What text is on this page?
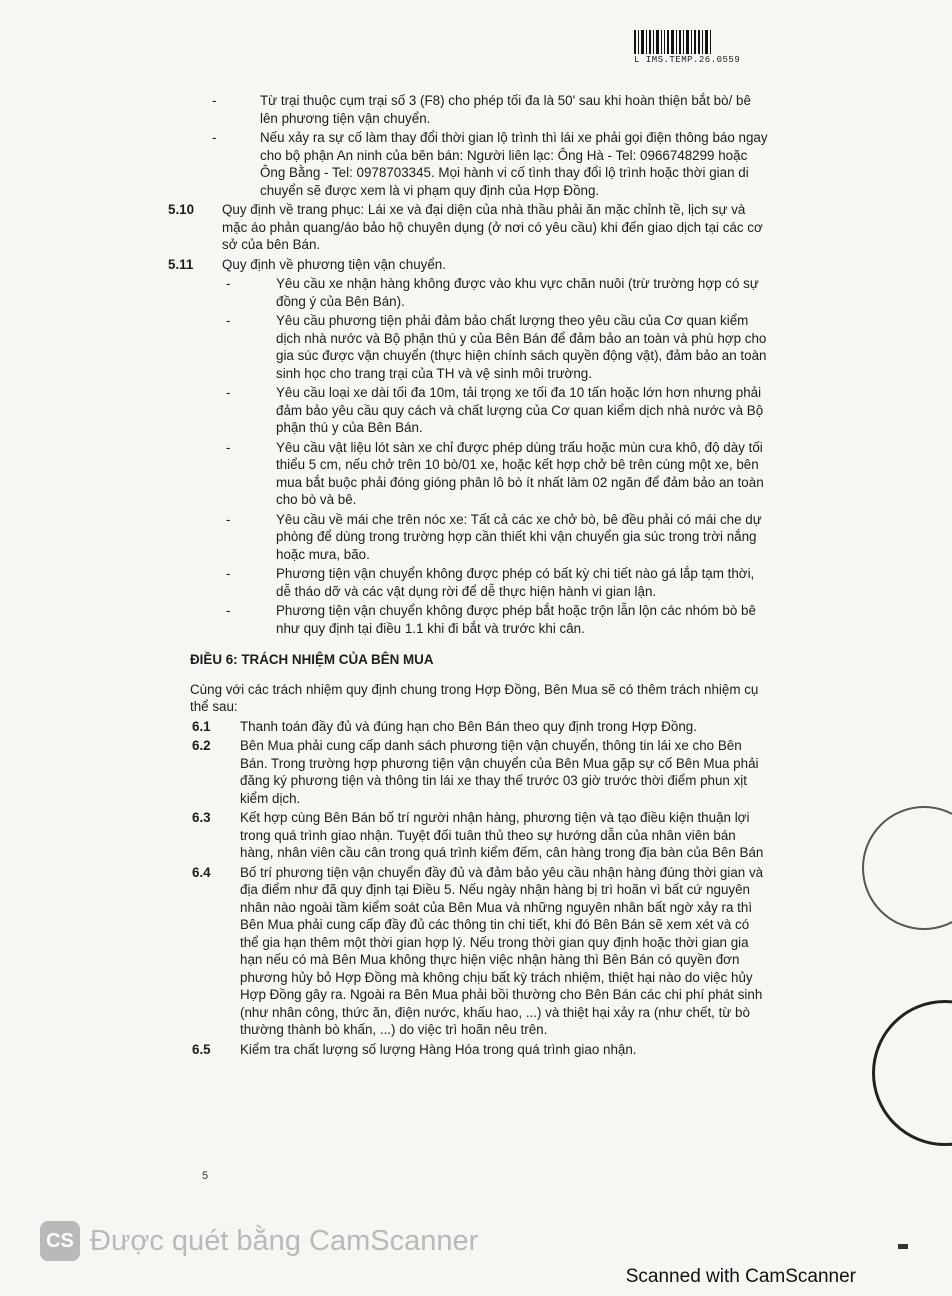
L IMS.TEMP.26.0559
-	Từ trại thuộc cụm trại số 3 (F8) cho phép tối đa là 50' sau khi hoàn thiện bắt bò/ bê lên phương tiện vận chuyển.
-	Nếu xảy ra sự cố làm thay đổi thời gian lộ trình thì lái xe phải gọi điện thông báo ngay cho bộ phận An ninh của bên bán: Người liên lạc: Ông Hà - Tel: 0966748299 hoặc Ông Bằng - Tel: 0978703345. Mọi hành vi cố tình thay đổi lộ trình hoặc thời gian di chuyển sẽ được xem là vi phạm quy định của Hợp Đồng.
5.10 Quy định về trang phục: Lái xe và đại diện của nhà thầu phải ăn mặc chỉnh tề, lịch sự và mặc áo phản quang/áo bảo hộ chuyên dụng (ở nơi có yêu cầu) khi đến giao dịch tại các cơ sở của bên Bán.
5.11 Quy định về phương tiện vận chuyển.
-	Yêu cầu xe nhận hàng không được vào khu vực chăn nuôi (trừ trường hợp có sự đồng ý của Bên Bán).
-	Yêu cầu phương tiện phải đảm bảo chất lượng theo yêu cầu của Cơ quan kiểm dịch nhà nước và Bộ phận thú y của Bên Bán để đảm bảo an toàn và phù hợp cho gia súc được vận chuyển (thực hiện chính sách quyền động vật), đảm bảo an toàn sinh học cho trang trại của TH và vệ sinh môi trường.
-	Yêu cầu loại xe dài tối đa 10m, tải trọng xe tối đa 10 tấn hoặc lớn hơn nhưng phải đảm bảo yêu cầu quy cách và chất lượng của Cơ quan kiểm dịch nhà nước và Bộ phận thú y của Bên Bán.
-	Yêu cầu vật liệu lót sàn xe chỉ được phép dùng trấu hoặc mùn cưa khô, độ dày tối thiểu 5 cm, nếu chở trên 10 bò/01 xe, hoặc kết hợp chở bê trên cùng một xe, bên mua bắt buộc phải đóng gióng phân lô bò ít nhất làm 02 ngăn để đảm bảo an toàn cho bò và bê.
-	Yêu cầu về mái che trên nóc xe: Tất cả các xe chở bò, bê đều phải có mái che dự phòng để dùng trong trường hợp cần thiết khi vận chuyển gia súc trong trời nắng hoặc mưa, bão.
-	Phương tiện vận chuyển không được phép có bất kỳ chi tiết nào gá lắp tạm thời, dễ tháo dỡ và các vật dụng rời để dễ thực hiện hành vi gian lận.
-	Phương tiện vận chuyển không được phép bắt hoặc trộn lẫn lộn các nhóm bò bê như quy định tại điều 1.1 khi đi bắt và trước khi cân.
ĐIỀU 6: TRÁCH NHIỆM CỦA BÊN MUA
Cùng với các trách nhiệm quy định chung trong Hợp Đồng, Bên Mua sẽ có thêm trách nhiệm cụ thể sau:
6.1 Thanh toán đầy đủ và đúng hạn cho Bên Bán theo quy định trong Hợp Đồng.
6.2 Bên Mua phải cung cấp danh sách phương tiện vận chuyển, thông tin lái xe cho Bên Bán. Trong trường hợp phương tiện vận chuyển của Bên Mua gặp sự cố Bên Mua phải đăng ký phương tiện và thông tin lái xe thay thế trước 03 giờ trước thời điểm phun xịt kiểm dịch.
6.3 Kết hợp cùng Bên Bán bố trí người nhận hàng, phương tiện và tạo điều kiện thuận lợi trong quá trình giao nhận. Tuyệt đối tuân thủ theo sự hướng dẫn của nhân viên bán hàng, nhân viên cầu cân trong quá trình kiểm đếm, cân hàng trong địa bàn của Bên Bán
6.4 Bố trí phương tiện vận chuyển đầy đủ và đảm bảo yêu cầu nhận hàng đúng thời gian và địa điểm như đã quy định tại Điều 5. Nếu ngày nhận hàng bị trì hoãn vì bất cứ nguyên nhân nào ngoài tầm kiểm soát của Bên Mua và những nguyên nhân bất ngờ xảy ra thì Bên Mua phải cung cấp đầy đủ các thông tin chi tiết, khi đó Bên Bán sẽ xem xét và có thể gia hạn thêm một thời gian hợp lý. Nếu trong thời gian quy định hoặc thời gian gia hạn nếu có mà Bên Mua không thực hiện việc nhận hàng thì Bên Bán có quyền đơn phương hủy bỏ Hợp Đồng mà không chịu bất kỳ trách nhiệm, thiệt hại nào do việc hủy Hợp Đồng gây ra. Ngoài ra Bên Mua phải bồi thường cho Bên Bán các chi phí phát sinh (như nhân công, thức ăn, điện nước, khấu hao, ...) và thiệt hại xảy ra (như chết, từ bò thường thành bò khấn, ...) do việc trì hoãn nêu trên.
6.5 Kiểm tra chất lượng số lượng Hàng Hóa trong quá trình giao nhận.
5
CS Được quét bằng CamScanner
Scanned with CamScanner
